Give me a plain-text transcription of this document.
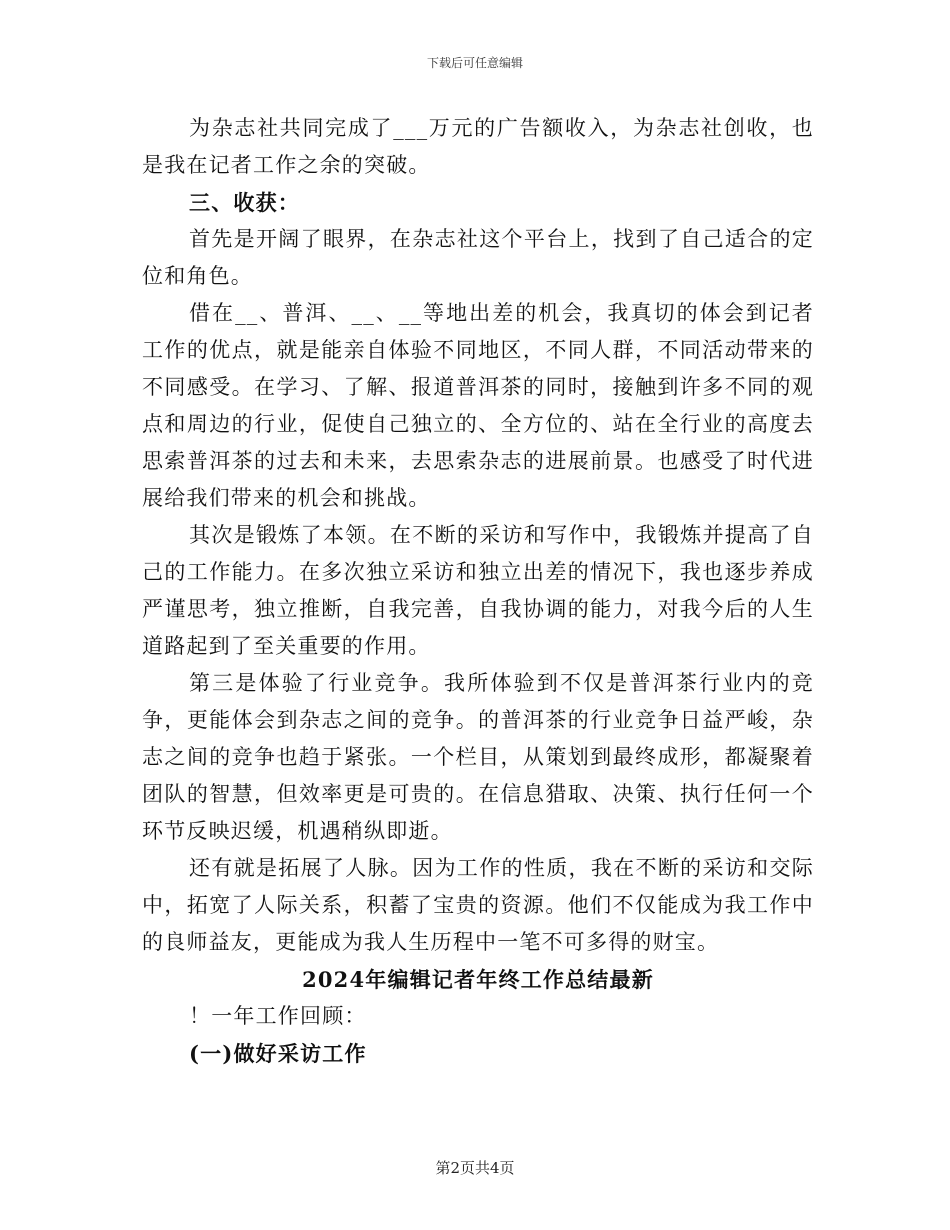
下载后可任意编辑

为杂志社共同完成了___万元的广告额收入，为杂志社创收，也是我在记者工作之余的突破。

三、收获：

首先是开阔了眼界，在杂志社这个平台上，找到了自己适合的定位和角色。

借在__、普洱、__、__等地出差的机会，我真切的体会到记者工作的优点，就是能亲自体验不同地区，不同人群，不同活动带来的不同感受。在学习、了解、报道普洱茶的同时，接触到许多不同的观点和周边的行业，促使自己独立的、全方位的、站在全行业的高度去思索普洱茶的过去和未来，去思索杂志的进展前景。也感受了时代进展给我们带来的机会和挑战。

其次是锻炼了本领。在不断的采访和写作中，我锻炼并提高了自己的工作能力。在多次独立采访和独立出差的情况下，我也逐步养成严谨思考，独立推断，自我完善，自我协调的能力，对我今后的人生道路起到了至关重要的作用。

第三是体验了行业竞争。我所体验到不仅是普洱茶行业内的竞争，更能体会到杂志之间的竞争。的普洱茶的行业竞争日益严峻，杂志之间的竞争也趋于紧张。一个栏目，从策划到最终成形，都凝聚着团队的智慧，但效率更是可贵的。在信息猎取、决策、执行任何一个环节反映迟缓，机遇稍纵即逝。

还有就是拓展了人脉。因为工作的性质，我在不断的采访和交际中，拓宽了人际关系，积蓄了宝贵的资源。他们不仅能成为我工作中的良师益友，更能成为我人生历程中一笔不可多得的财宝。

2024年编辑记者年终工作总结最新

！一年工作回顾：

(一)做好采访工作

第2页共4页
